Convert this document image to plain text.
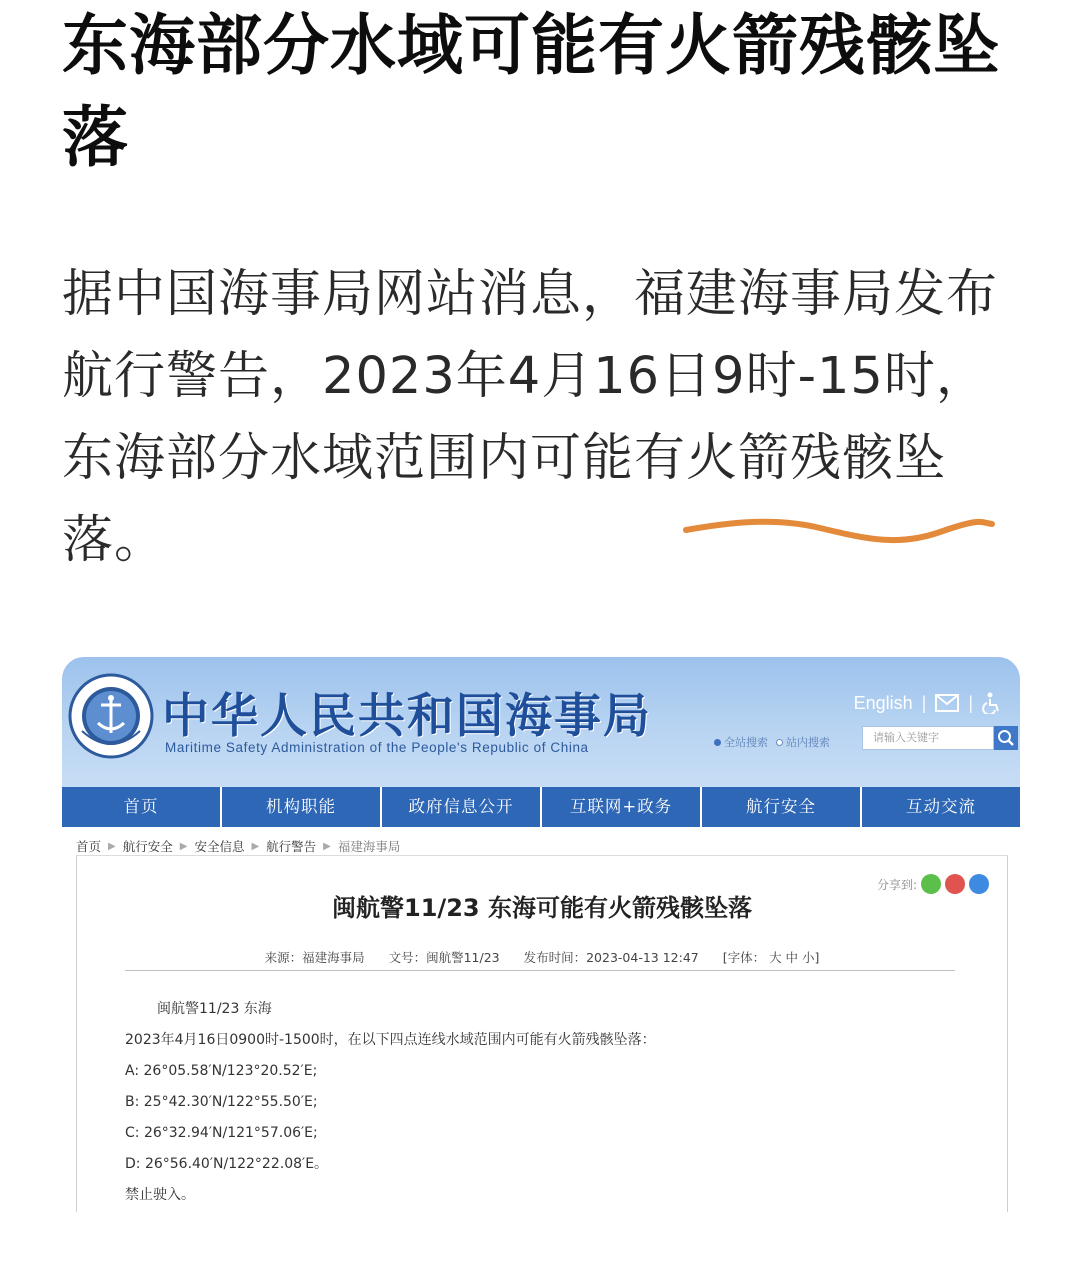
东海部分水域可能有火箭残骸坠落
据中国海事局网站消息，福建海事局发布航行警告，2023年4月16日9时-15时，东海部分水域范围内可能有火箭残骸坠落。
中华人民共和国海事局
Maritime Safety Administration of the People's Republic of China
English | |
全站搜索	站内搜索	请输入关键字
首页	机构职能	政府信息公开	互联网+政务	航行安全	互动交流
首页 ▶ 航行安全 ▶ 安全信息 ▶ 航行警告 ▶ 福建海事局
分享到:
闽航警11/23 东海可能有火箭残骸坠落
来源：福建海事局 文号：闽航警11/23 发布时间：2023-04-13 12:47 [字体： 大 中 小]
闽航警11/23 东海
2023年4月16日0900时-1500时，在以下四点连线水域范围内可能有火箭残骸坠落：
A: 26°05.58′N/123°20.52′E;
B: 25°42.30′N/122°55.50′E;
C: 26°32.94′N/121°57.06′E;
D: 26°56.40′N/122°22.08′E。
禁止驶入。
